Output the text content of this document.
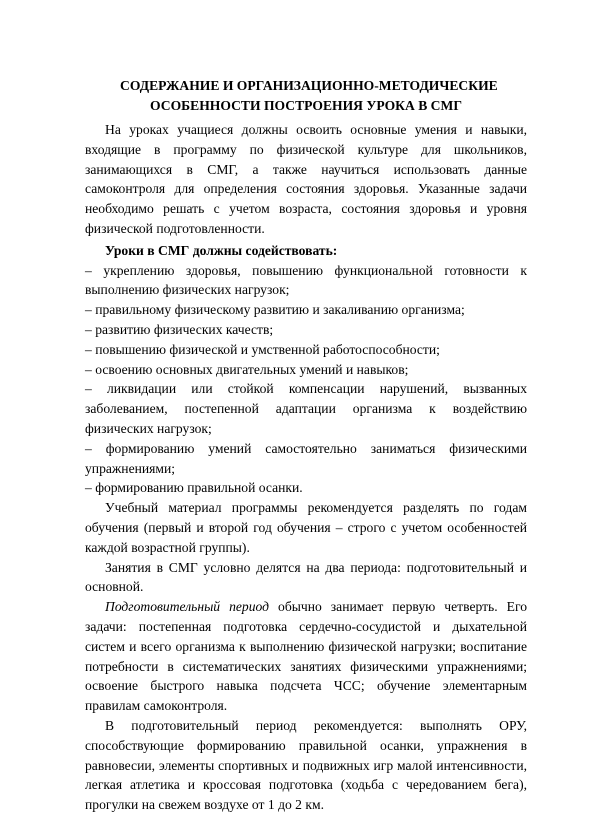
СОДЕРЖАНИЕ И ОРГАНИЗАЦИОННО-МЕТОДИЧЕСКИЕ
ОСОБЕННОСТИ ПОСТРОЕНИЯ УРОКА В СМГ

На уроках учащиеся должны освоить основные умения и навыки, входящие в программу по физической культуре для школьников, занимающихся в СМГ, а также научиться использовать данные самоконтроля для определения состояния здоровья. Указанные задачи необходимо решать с учетом возраста, состояния здоровья и уровня физической подготовленности.

Уроки в СМГ должны содействовать:

– укреплению здоровья, повышению функциональной готовности к выполнению физических нагрузок;

– правильному физическому развитию и закаливанию организма;

– развитию физических качеств;

– повышению физической и умственной работоспособности;

– освоению основных двигательных умений и навыков;

– ликвидации или стойкой компенсации нарушений, вызванных заболеванием, постепенной адаптации организма к воздействию физических нагрузок;

– формированию умений самостоятельно заниматься физическими упражнениями;

– формированию правильной осанки.

Учебный материал программы рекомендуется разделять по годам обучения (первый и второй год обучения – строго с учетом особенностей каждой возрастной группы).

Занятия в СМГ условно делятся на два периода: подготовительный и основной.

Подготовительный период обычно занимает первую четверть. Его задачи: постепенная подготовка сердечно-сосудистой и дыхательной систем и всего организма к выполнению физической нагрузки; воспитание потребности в систематических занятиях физическими упражнениями; освоение быстрого навыка подсчета ЧСС; обучение элементарным правилам самоконтроля.

В подготовительный период рекомендуется: выполнять ОРУ, способствующие формированию правильной осанки, упражнения в равновесии, элементы спортивных и подвижных игр малой интенсивности, легкая атлетика и кроссовая подготовка (ходьба с чередованием бега), прогулки на свежем воздухе от 1 до 2 км.
